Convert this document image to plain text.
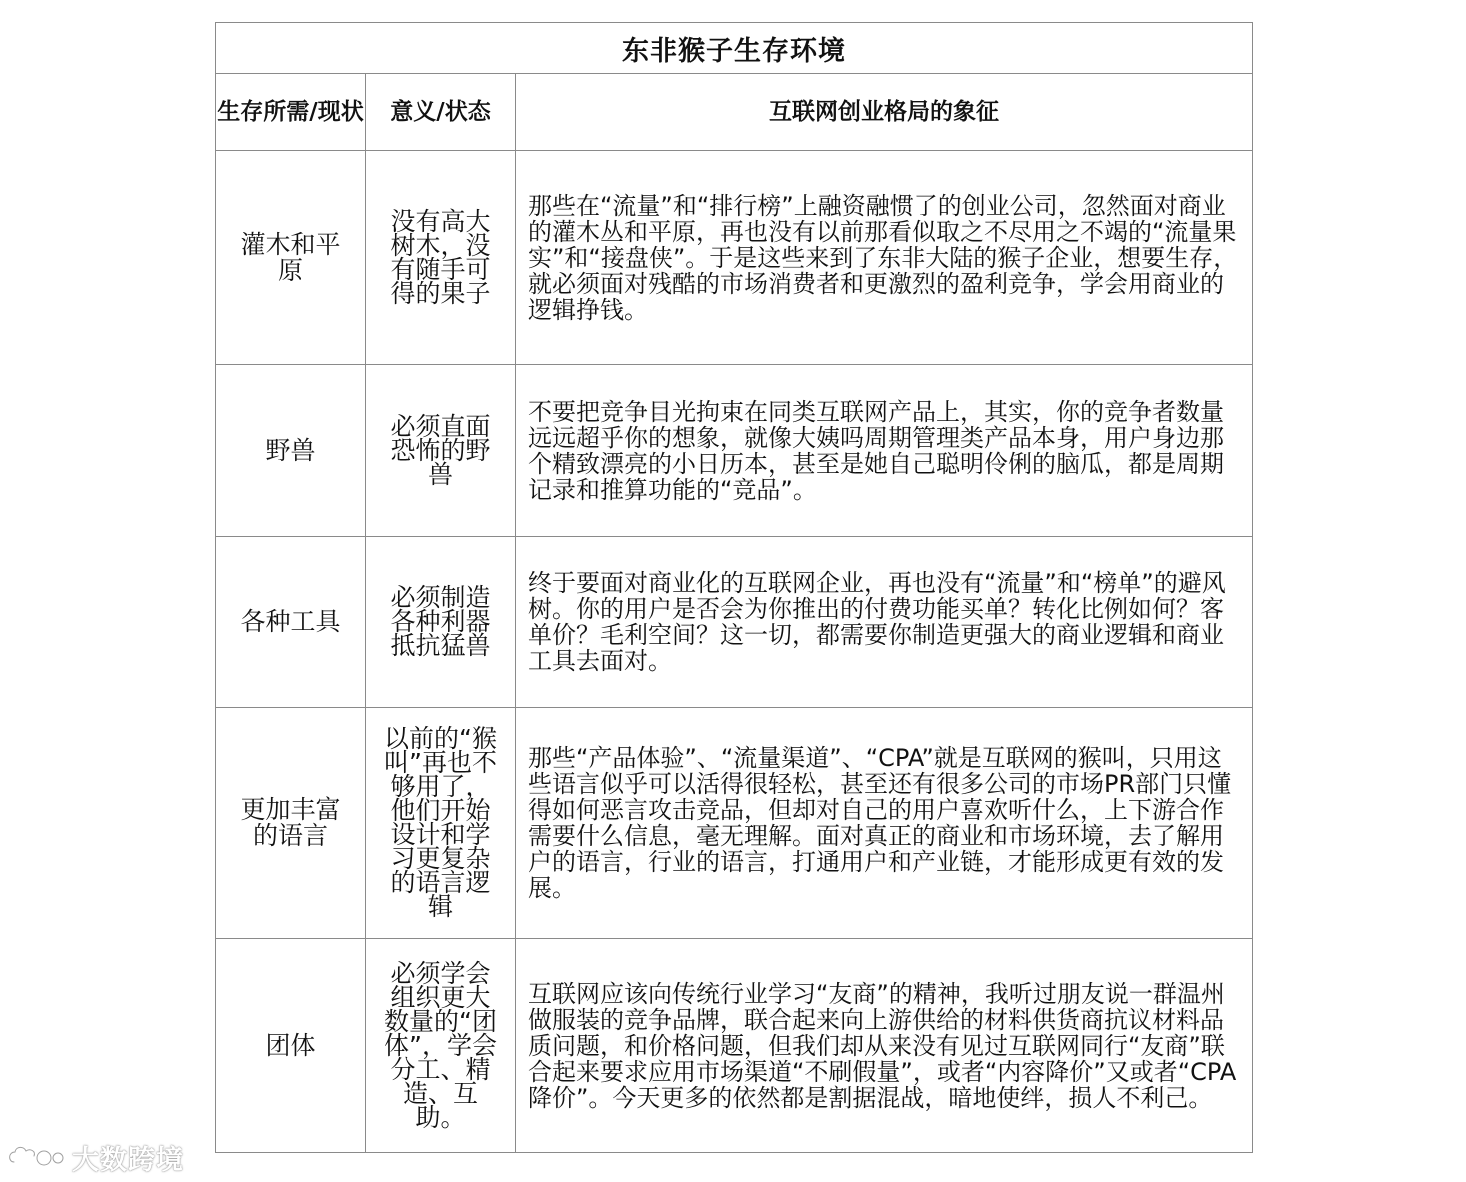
东非猴子生存环境		
生存所需/现状	意义/状态	互联网创业格局的象征
灌木和平原	没有高大树木，没有随手可得的果子	那些在“流量”和“排行榜”上融资融惯了的创业公司，忽然面对商业的灌木丛和平原，再也没有以前那看似取之不尽用之不竭的“流量果实”和“接盘侠”。于是这些来到了东非大陆的猴子企业，想要生存，就必须面对残酷的市场消费者和更激烈的盈利竞争，学会用商业的逻辑挣钱。
野兽	必须直面恐怖的野兽	不要把竞争目光拘束在同类互联网产品上，其实，你的竞争者数量远远超乎你的想象，就像大姨吗周期管理类产品本身，用户身边那个精致漂亮的小日历本，甚至是她自己聪明伶俐的脑瓜，都是周期记录和推算功能的“竞品”。
各种工具	必须制造各种利器抵抗猛兽	终于要面对商业化的互联网企业，再也没有“流量”和“榜单”的避风树。你的用户是否会为你推出的付费功能买单？转化比例如何？客单价？毛利空间？这一切，都需要你制造更强大的商业逻辑和商业工具去面对。
更加丰富的语言	以前的“猴叫”再也不够用了，他们开始设计和学习更复杂的语言逻辑	那些“产品体验”、“流量渠道”、“CPA”就是互联网的猴叫，只用这些语言似乎可以活得很轻松，甚至还有很多公司的市场PR部门只懂得如何恶言攻击竞品，但却对自己的用户喜欢听什么，上下游合作需要什么信息，毫无理解。面对真正的商业和市场环境，去了解用户的语言，行业的语言，打通用户和产业链，才能形成更有效的发展。
团体	必须学会组织更大数量的“团体”，学会分工、精造、互助。	互联网应该向传统行业学习“友商”的精神，我听过朋友说一群温州做服装的竞争品牌，联合起来向上游供给的材料供货商抗议材料品质问题，和价格问题，但我们却从来没有见过互联网同行“友商”联合起来要求应用市场渠道“不刷假量”，或者“内容降价”又或者“CPA降价”。今天更多的依然都是割据混战，暗地使绊，损人不利己。
大数跨境
